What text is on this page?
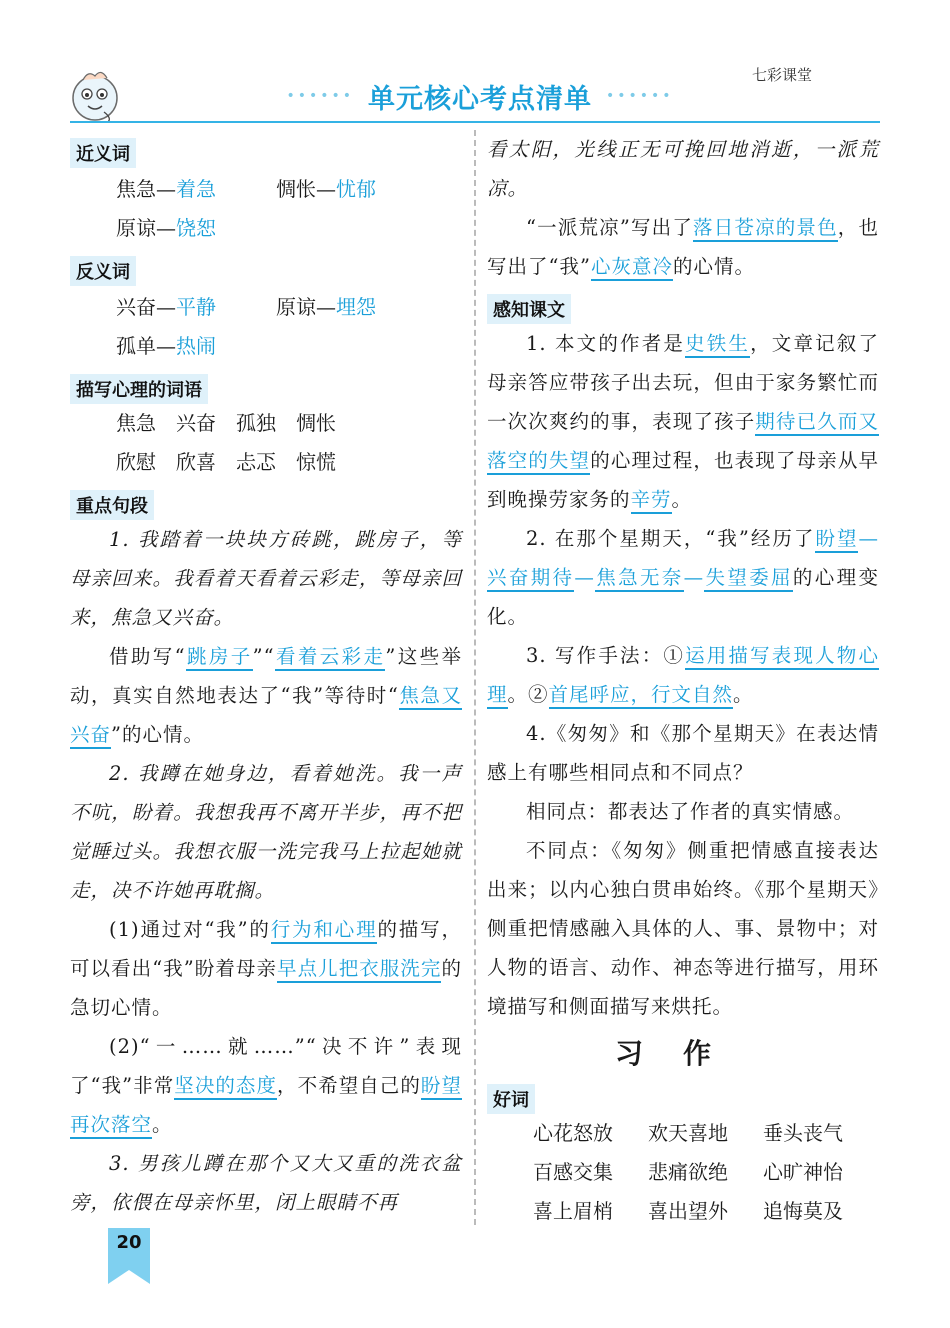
•••••• 单元核心考点清单 ••••••
七彩课堂
近义词
焦急—着急	惆怅—忧郁
原谅—饶恕
反义词
兴奋—平静	原谅—埋怨
孤单—热闹
描写心理的词语
焦急 兴奋 孤独 惆怅
欣慰 欣喜 忐忑 惊慌
重点句段

1. 我踏着一块块方砖跳，跳房子，等母亲回来。我看着天看着云彩走，等母亲回来，焦急又兴奋。

借助写“跳房子”“看着云彩走”这些举动，真实自然地表达了“我”等待时“焦急又兴奋”的心情。

2. 我蹲在她身边，看着她洗。我一声不吭，盼着。我想我再不离开半步，再不把觉睡过头。我想衣服一洗完我马上拉起她就走，决不许她再耽搁。

(1)通过对“我”的行为和心理的描写，可以看出“我”盼着母亲早点儿把衣服洗完的急切心情。

(2)“一……就……”“决不许”表现了“我”非常坚决的态度，不希望自己的盼望再次落空。

3. 男孩儿蹲在那个又大又重的洗衣盆旁，依偎在母亲怀里，闭上眼睛不再

看太阳，光线正无可挽回地消逝，一派荒凉。

“一派荒凉”写出了落日苍凉的景色，也写出了“我”心灰意冷的心情。

感知课文

1. 本文的作者是史铁生，文章记叙了母亲答应带孩子出去玩，但由于家务繁忙而一次次爽约的事，表现了孩子期待已久而又落空的失望的心理过程，也表现了母亲从早到晚操劳家务的辛劳。

2. 在那个星期天，“我”经历了盼望—兴奋期待—焦急无奈—失望委屈的心理变化。

3. 写作手法：①运用描写表现人物心理。②首尾呼应，行文自然。

4.《匆匆》和《那个星期天》在表达情感上有哪些相同点和不同点？

相同点：都表达了作者的真实情感。

不同点：《匆匆》侧重把情感直接表达出来；以内心独白贯串始终。《那个星期天》侧重把情感融入具体的人、事、景物中；对人物的语言、动作、神态等进行描写，用环境描写和侧面描写来烘托。

习作
好词
心花怒放 欢天喜地 垂头丧气
百感交集 悲痛欲绝 心旷神怡
喜上眉梢 喜出望外 追悔莫及
20
